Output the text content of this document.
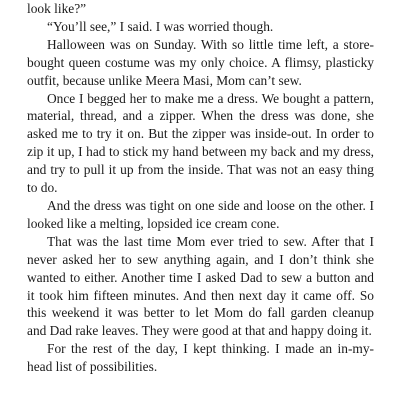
look like?”

“You’ll see,” I said. I was worried though.

Halloween was on Sunday. With so little time left, a store-bought queen costume was my only choice. A flimsy, plasticky outfit, because unlike Meera Masi, Mom can’t sew.

Once I begged her to make me a dress. We bought a pattern, material, thread, and a zipper. When the dress was done, she asked me to try it on. But the zipper was inside-out. In order to zip it up, I had to stick my hand between my back and my dress, and try to pull it up from the inside. That was not an easy thing to do.

And the dress was tight on one side and loose on the other. I looked like a melting, lopsided ice cream cone.

That was the last time Mom ever tried to sew. After that I never asked her to sew anything again, and I don’t think she wanted to either. Another time I asked Dad to sew a button and it took him fifteen minutes. And then next day it came off. So this weekend it was better to let Mom do fall garden cleanup and Dad rake leaves. They were good at that and happy doing it.

For the rest of the day, I kept thinking. I made an in-my-head list of possibilities.
